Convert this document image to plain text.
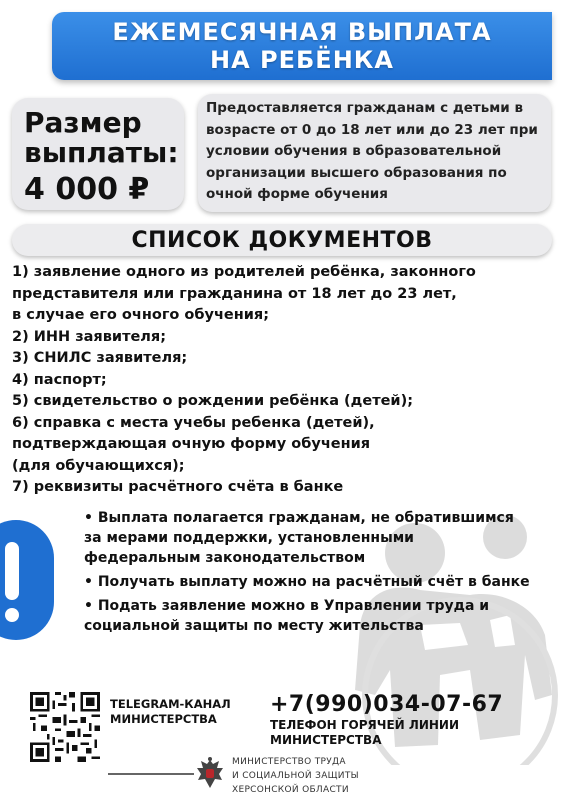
ЕЖЕМЕСЯЧНАЯ ВЫПЛАТА
НА РЕБЁНКА
Размер выплаты:
4 000 ₽
Предоставляется гражданам с детьми в возрасте от 0 до 18 лет или до 23 лет при условии обучения в образовательной организации высшего образования по очной форме обучения
СПИСОК ДОКУМЕНТОВ
1) заявление одного из родителей ребёнка, законного
представителя или гражданина от 18 лет до 23 лет,
в случае его очного обучения;
2) ИНН заявителя;
3) СНИЛС заявителя;
4) паспорт;
5) свидетельство о рождении ребёнка (детей);
6) справка с места учебы ребенка (детей),
подтверждающая очную форму обучения
(для обучающихся);
7) реквизиты расчётного счёта в банке
• Выплата полагается гражданам, не обратившимся за мерами поддержки, установленными федеральным законодательством
• Получать выплату можно на расчётный счёт в банке
• Подать заявление можно в Управлении труда и социальной защиты по месту жительства
TELEGRAM-КАНАЛ
МИНИСТЕРСТВА
+7(990)034-07-67
ТЕЛЕФОН ГОРЯЧЕЙ ЛИНИИ
МИНИСТЕРСТВА
МИНИСТЕРСТВО ТРУДА
И СОЦИАЛЬНОЙ ЗАЩИТЫ
ХЕРСОНСКОЙ ОБЛАСТИ
